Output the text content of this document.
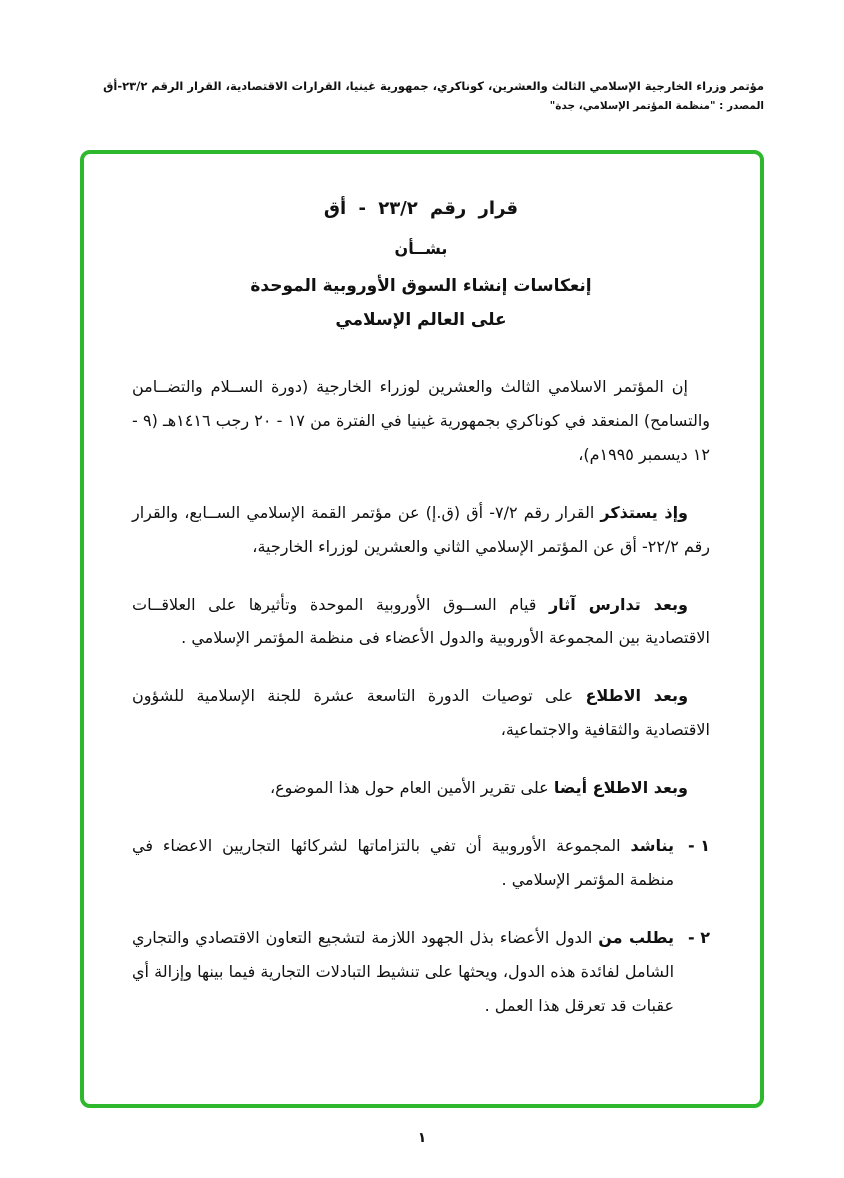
مؤتمر وزراء الخارجية الإسلامي الثالث والعشرين، كوناكري، جمهورية غينيا، القرارات الاقتصادية، القرار الرقم ٢٣/٢-أق
المصدر : "منظمة المؤتمر الإسلامي، جدة"
قرار رقم ٢٣/٢ - أق
بشــأن
إنعكاسات إنشاء السوق الأوروبية الموحدة
على العالم الإسلامي

إن المؤتمر الاسلامي الثالث والعشرين لوزراء الخارجية (دورة الســلام والتضــامن والتسامح) المنعقد في كوناكري بجمهورية غينيا في الفترة من ١٧ - ٢٠ رجب ١٤١٦هـ (٩ - ١٢ ديسمبر ١٩٩٥م)،

وإذ يستذكر القرار رقم ٧/٢- أق (ق.إ) عن مؤتمر القمة الإسلامي الســابع، والقرار رقم ٢٢/٢- أق عن المؤتمر الإسلامي الثاني والعشرين لوزراء الخارجية،

وبعد تدارس آثار قيام الســوق الأوروبية الموحدة وتأثيرها على العلاقــات الاقتصادية بين المجموعة الأوروبية والدول الأعضاء فى منظمة المؤتمر الإسلامي .

وبعد الاطلاع على توصيات الدورة التاسعة عشرة للجنة الإسلامية للشؤون الاقتصادية والثقافية والاجتماعية،

وبعد الاطلاع أيضا على تقرير الأمين العام حول هذا الموضوع،

١ -
يناشد المجموعة الأوروبية أن تفي بالتزاماتها لشركائها التجاريين الاعضاء في منظمة المؤتمر الإسلامي .
٢ -
يطلب من الدول الأعضاء بذل الجهود اللازمة لتشجيع التعاون الاقتصادي والتجاري الشامل لفائدة هذه الدول، ويحثها على تنشيط التبادلات التجارية فيما بينها وإزالة أي عقبات قد تعرقل هذا العمل .
١
